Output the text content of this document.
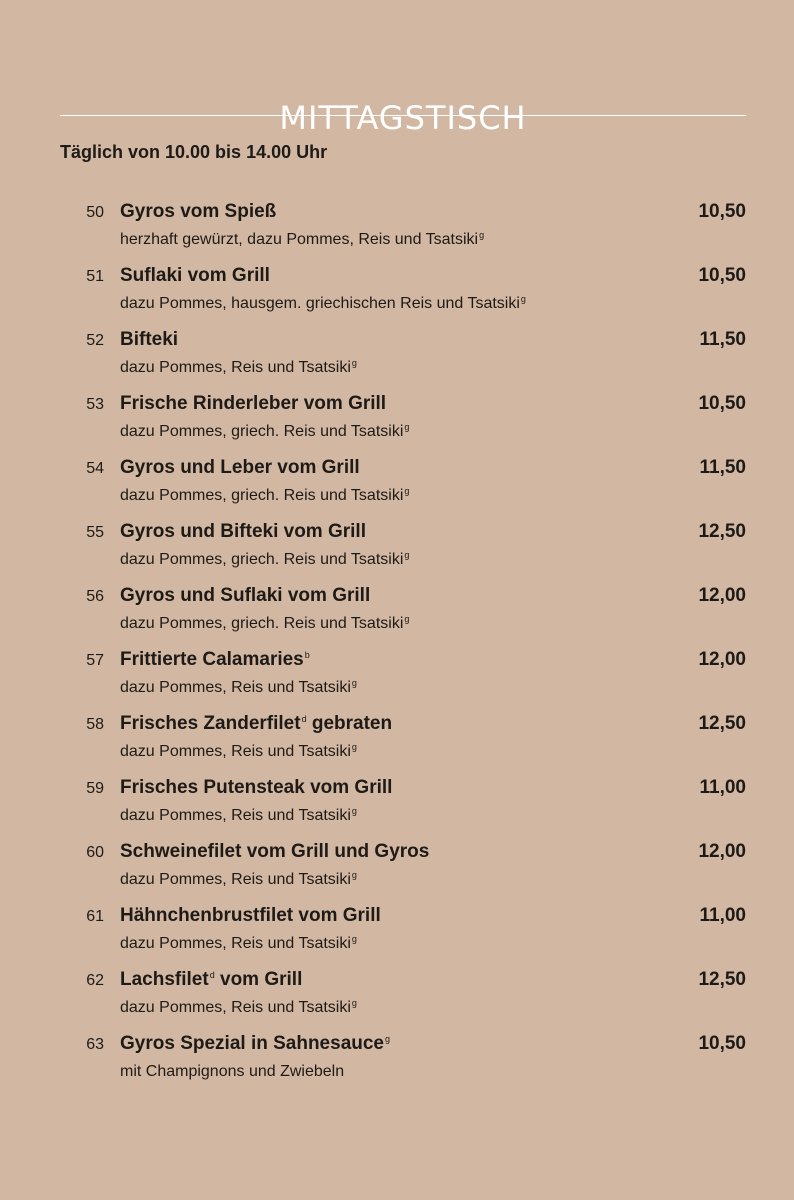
MITTAGSTISCH
Täglich von 10.00 bis 14.00 Uhr
50 Gyros vom Spieß
herzhaft gewürzt, dazu Pommes, Reis und Tsatsiki$^g$
10,50
51 Suflaki vom Grill
dazu Pommes, hausgem. griechischen Reis und Tsatsiki$^g$
10,50
52 Bifteki
dazu Pommes, Reis und Tsatsiki$^g$
11,50
53 Frische Rinderleber vom Grill
dazu Pommes, griech. Reis und Tsatsiki$^g$
10,50
54 Gyros und Leber vom Grill
dazu Pommes, griech. Reis und Tsatsiki$^g$
11,50
55 Gyros und Bifteki vom Grill
dazu Pommes, griech. Reis und Tsatsiki$^g$
12,50
56 Gyros und Suflaki vom Grill
dazu Pommes, griech. Reis und Tsatsiki$^g$
12,00
57 Frittierte Calamaries$^b$
dazu Pommes, Reis und Tsatsiki$^g$
12,00
58 Frisches Zanderfilet$^d$ gebraten
dazu Pommes, Reis und Tsatsiki$^g$
12,50
59 Frisches Putensteak vom Grill
dazu Pommes, Reis und Tsatsiki$^g$
11,00
60 Schweinefilet vom Grill und Gyros
dazu Pommes, Reis und Tsatsiki$^g$
12,00
61 Hähnchenbrustfilet vom Grill
dazu Pommes, Reis und Tsatsiki$^g$
11,00
62 Lachsfilet$^d$ vom Grill
dazu Pommes, Reis und Tsatsiki$^g$
12,50
63 Gyros Spezial in Sahnesauce$^g$
mit Champignons und Zwiebeln
10,50
